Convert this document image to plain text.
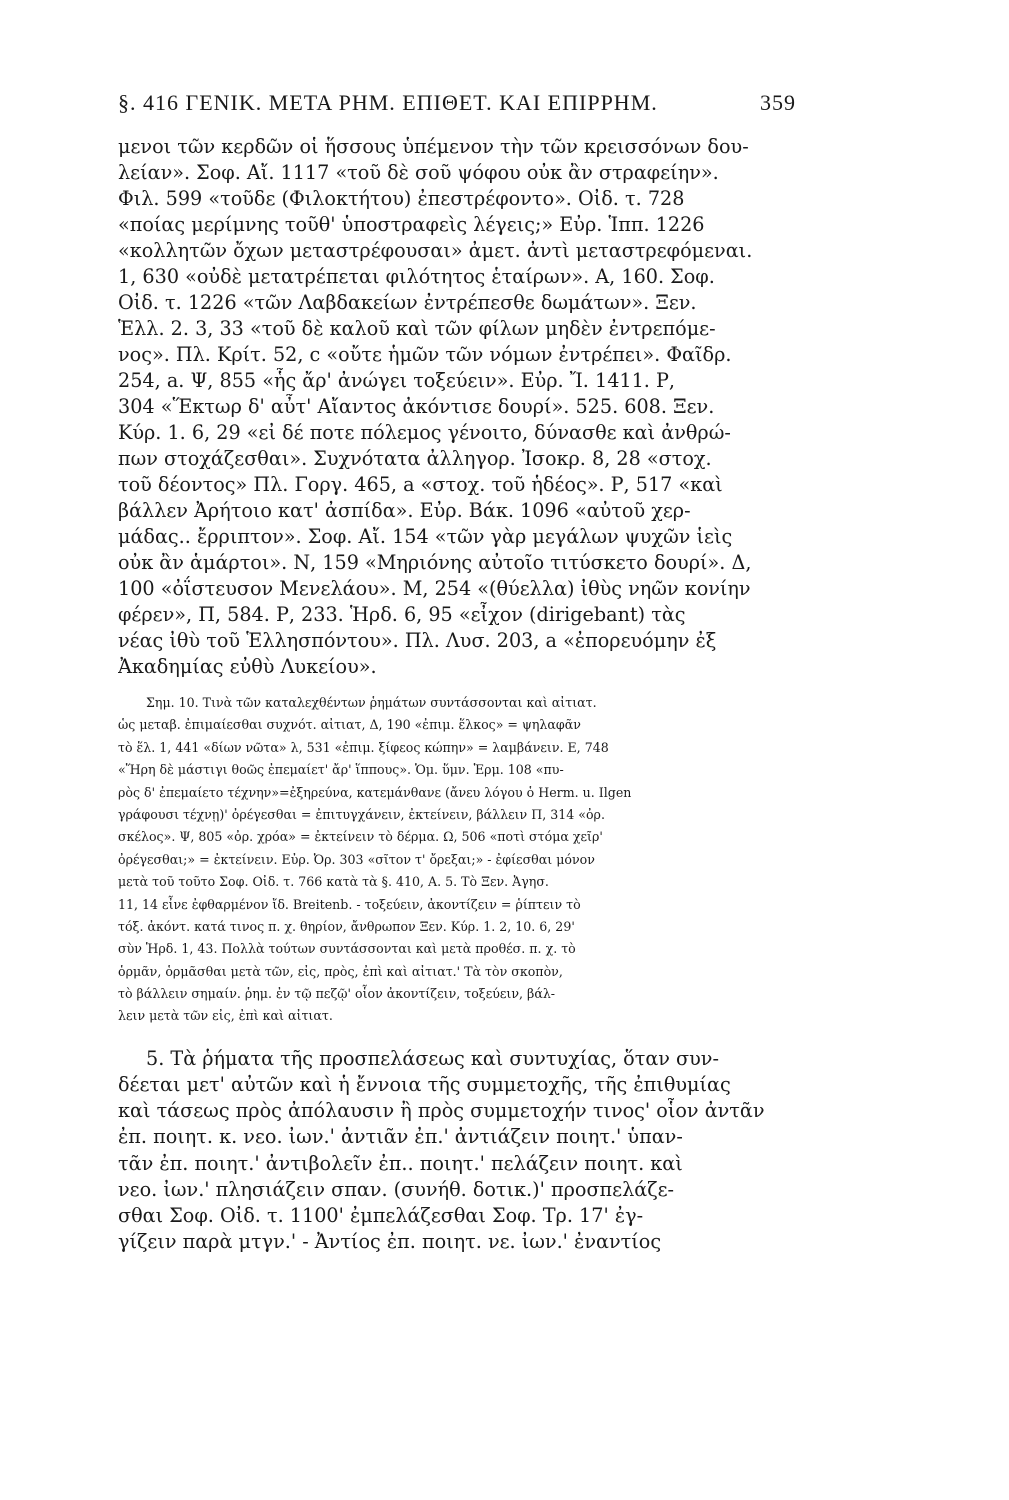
§. 416 ΓΕΝΙΚ. ΜΕΤΑ ΡΗΜ. ΕΠΙΘΕΤ. ΚΑΙ ΕΠΙΡΡΗΜ.	359
μενοι τῶν κερδῶν οἱ ἥσσους ὑπέμενον τὴν τῶν κρεισσόνων δου-
λείαν». Σοφ. Αἴ. 1117 «τοῦ δὲ σοῦ ψόφου οὐκ ἂν στραφείην».
Φιλ. 599 «τοῦδε (Φιλοκτήτου) ἐπεστρέφοντο». Οἰδ. τ. 728
«ποίας μερίμνης τοῦθ' ὑποστραφεὶς λέγεις;» Εὐρ. Ἱππ. 1226
«κολλητῶν ὄχων μεταστρέφουσαι» ἀμετ. ἀντὶ μεταστρεφόμεναι.
1, 630 «οὐδὲ μετατρέπεται φιλότητος ἑταίρων». Α, 160. Σοφ.
Οἰδ. τ. 1226 «τῶν Λαβδακείων ἐντρέπεσθε δωμάτων». Ξεν.
Ἑλλ. 2. 3, 33 «τοῦ δὲ καλοῦ καὶ τῶν φίλων μηδὲν ἐντρεπόμε-
νος». Πλ. Κρίτ. 52, c «οὔτε ἡμῶν τῶν νόμων ἐντρέπει». Φαῖδρ.
254, a. Ψ, 855 «ἧς ἄρ' ἀνώγει τοξεύειν». Εὐρ. Ἴ. 1411. Ρ,
304 «Ἕκτωρ δ' αὖτ' Αἴαντος ἀκόντισε δουρί». 525. 608. Ξεν.
Κύρ. 1. 6, 29 «εἰ δέ ποτε πόλεμος γένοιτο, δύνασθε καὶ ἀνθρώ-
πων στοχάζεσθαι». Συχνότατα ἀλληγορ. Ἰσοκρ. 8, 28 «στοχ.
τοῦ δέοντος» Πλ. Γοργ. 465, a «στοχ. τοῦ ἡδέος». Ρ, 517 «καὶ
βάλλεν Ἀρήτοιο κατ' ἀσπίδα». Εὐρ. Βάκ. 1096 «αὐτοῦ χερ-
μάδας.. ἔρριπτον». Σοφ. Αἴ. 154 «τῶν γὰρ μεγάλων ψυχῶν ἱεὶς
οὐκ ἂν ἁμάρτοι». Ν, 159 «Μηριόνης αὐτοῖο τιτύσκετο δουρί». Δ,
100 «ὀΐστευσον Μενελάου». Μ, 254 «(θύελλα) ἰθὺς νηῶν κονίην
φέρεν», Π, 584. Ρ, 233. Ἡρδ. 6, 95 «εἶχον (dirigebant) τὰς
νέας ἰθὺ τοῦ Ἑλλησπόντου». Πλ. Λυσ. 203, a «ἐπορευόμην ἐξ
Ἀκαδημίας εὐθὺ Λυκείου».
Σημ. 10. Τινὰ τῶν καταλεχθέντων ῥημάτων συντάσσονται καὶ αἰτιατ.
ὡς μεταβ. ἐπιμαίεσθαι συχνότ. αἰτιατ, Δ, 190 «ἐπιμ. ἕλκος» = ψηλαφᾶν
τὸ ἕλ. 1, 441 «δίων νῶτα» λ, 531 «ἐπιμ. ξίφεος κώπην» = λαμβάνειν. Ε, 748
«Ἥρη δὲ μάστιγι θοῶς ἐπεμαίετ' ἄρ' ἵππους». Ὁμ. ὕμν. Ἑρμ. 108 «πυ-
ρὸς δ' ἐπεμαίετο τέχνην»=ἐξηρεύνα, κατεμάνθανε (ἄνευ λόγου ὁ Herm. u. Ilgen
γράφουσι τέχνῃ)' ὀρέγεσθαι = ἐπιτυγχάνειν, ἐκτείνειν, βάλλειν Π, 314 «ὀρ.
σκέλος». Ψ, 805 «ὀρ. χρόα» = ἐκτείνειν τὸ δέρμα. Ω, 506 «ποτὶ στόμα χεῖρ'
ὀρέγεσθαι;» = ἐκτείνειν. Εὐρ. Ὀρ. 303 «σῖτον τ' ὄρεξαι;» - ἐφίεσθαι μόνον
μετὰ τοῦ τοῦτο Σοφ. Οἰδ. τ. 766 κατὰ τὰ §. 410, Α. 5. Τὸ Ξεν. Ἀγησ.
11, 14 εἶνε ἐφθαρμένον ἴδ. Breitenb. - τοξεύειν, ἀκοντίζειν = ῥίπτειν τὸ
τόξ. ἀκόντ. κατά τινος π. χ. θηρίον, ἄνθρωπον Ξεν. Κύρ. 1. 2, 10. 6, 29'
σὺν Ἡρδ. 1, 43. Πολλὰ τούτων συντάσσονται καὶ μετὰ προθέσ. π. χ. τὸ
ὁρμᾶν, ὁρμᾶσθαι μετὰ τῶν, εἰς, πρὸς, ἐπὶ καὶ αἰτιατ.' Τὰ τὸν σκοπὸν,
τὸ βάλλειν σημαίν. ῥημ. ἐν τῷ πεζῷ' οἷον ἀκοντίζειν, τοξεύειν, βάλ-
λειν μετὰ τῶν εἰς, ἐπὶ καὶ αἰτιατ.
5. Τὰ ῥήματα τῆς προσπελάσεως καὶ συντυχίας, ὅταν συν-
δέεται μετ' αὐτῶν καὶ ἡ ἔννοια τῆς συμμετοχῆς, τῆς ἐπιθυμίας
καὶ τάσεως πρὸς ἀπόλαυσιν ἢ πρὸς συμμετοχήν τινος' οἷον ἀντᾶν
ἐπ. ποιητ. κ. νεο. ἰων.' ἀντιᾶν ἐπ.' ἀντιάζειν ποιητ.' ὑπαν-
τᾶν ἐπ. ποιητ.' ἀντιβολεῖν ἐπ.. ποιητ.' πελάζειν ποιητ. καὶ
νεο. ἰων.' πλησιάζειν σπαν. (συνήθ. δοτικ.)' προσπελάζε-
σθαι Σοφ. Οἰδ. τ. 1100' ἐμπελάζεσθαι Σοφ. Τρ. 17' ἐγ-
γίζειν παρὰ μτγν.' - Ἀντίος ἐπ. ποιητ. νε. ἰων.' ἐναντίος
